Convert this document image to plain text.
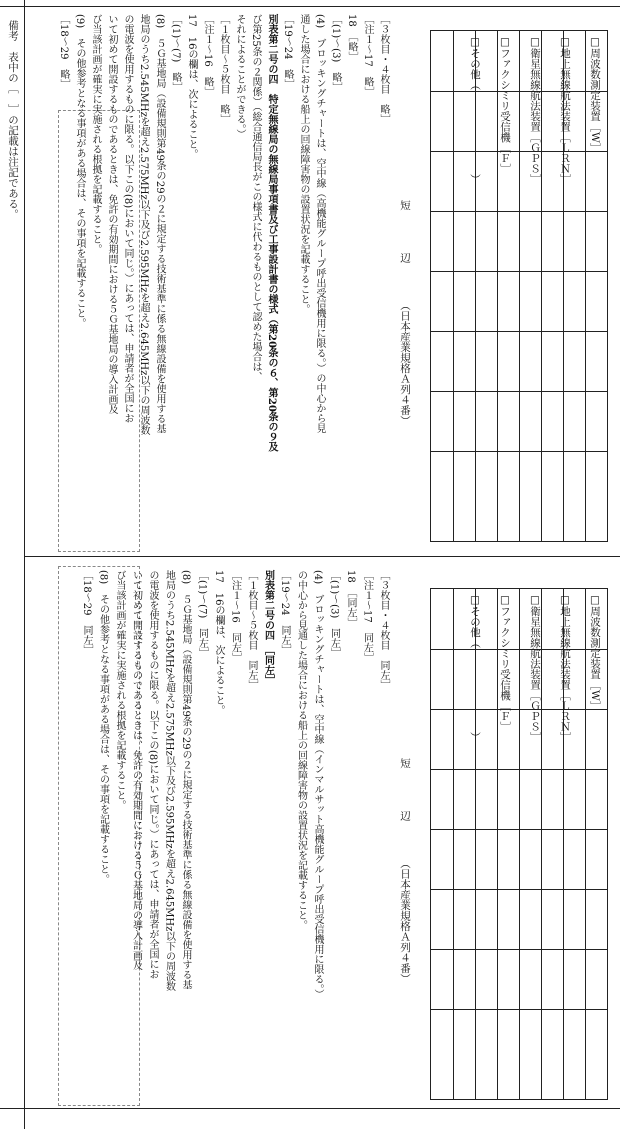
備考　表中の［　］の記載は注記である。	□周波数測定装置［W］
□地上無線航法装置［ＬＲＮ］
□衛星無線航法装置［ＧＰＳ］
□ファクシミリ受信機［Ｆ］
□その他（　　　　　　　　）
短　　　　辺　　　　（日本産業規格Ａ列４番）
［３枚目・４枚目　略］
［注１～17　略］
18　［略］
［(1)～(3)　略］
(4)　ブロッキングチャートは、空中線（高機能グループ呼出受信機用に限る。）の中心から見
通した場合における船上の回線障害物の設置状況を記載すること。
［19～24　略］
別表第二号の四　特定無線局の無線局事項書及び工事設計書の様式（第20条の６、第20条の９及
び第25条の２関係）（総合通信局長がこの様式に代わるものとして認めた場合は、
それによることができる。）
［１枚目～５枚目　略］
［注１～16　略］
17　16の欄は、次によること。
［(1)～(7)　略］
(8)　５Ｇ基地局（設備規則第49条の29の２に規定する技術基準に係る無線設備を使用する基
地局のうち2.545MHzを超え2.575MHz以下及び2.595MHzを超え2.645MHz以下の周波数
の電波を使用するものに限る。以下この(8)において同じ。）にあっては、申請者が全国にお
いて初めて開設するものであるときは、免許の有効期間における５Ｇ基地局の導入計画及
び当該計画が確実に実施される根拠を記載すること。
(9)　その他参考となる事項がある場合は、その事項を記載すること。
［18～29　略］
□周波数測定装置［W］
□地上無線航法装置［ＬＲＮ］
□衛星無線航法装置［ＧＰＳ］
□ファクシミリ受信機［Ｆ］
□その他（　　　　　　　　）
短　　　　辺　　　　（日本産業規格Ａ列４番）
［３枚目・４枚目　同左］
［注１～17　同左］
18　［同左］
［(1)～(3)　同左］
(4)　ブロッキングチャートは、空中線（インマルサット高機能グループ呼出受信機用に限る。）
の中心から見通した場合における船上の回線障害物の設置状況を記載すること。
［19～24　同左］
別表第二号の四　［同左］
［１枚目～５枚目　同左］
［注１～16　同左］
17　16の欄は、次によること。
［(1)～(7)　同左］
(8)　５Ｇ基地局（設備規則第49条の29の２に規定する技術基準に係る無線設備を使用する基
地局のうち2.545MHzを超え2.575MHz以下及び2.595MHzを超え2.645MHz以下の周波数
の電波を使用するものに限る。以下この(8)において同じ。）にあっては、申請者が全国にお
いて初めて開設するものであるときは、免許の有効期間における５Ｇ基地局の導入計画及
び当該計画が確実に実施される根拠を記載すること。
(8)　その他参考となる事項がある場合は、その事項を記載すること。
［18～29　同左］
